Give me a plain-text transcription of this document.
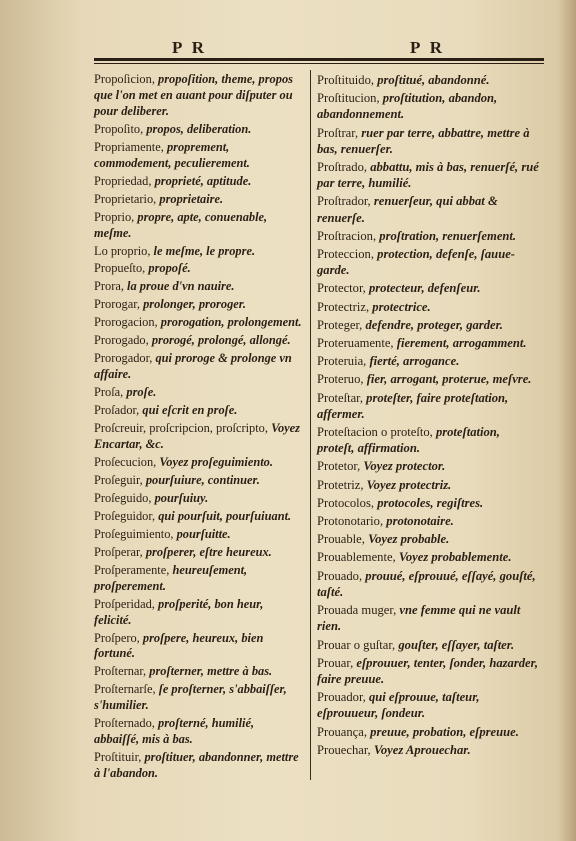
P R	P R
Propoſicion, propoſition, theme, propos que l'on met en auant pour diſputer ou pour deliberer.
Propoſito, propos, deliberation.
Propriamente, proprement, commodement, peculierement.
Propriedad, proprieté, aptitude.
Proprietario, proprietaire.
Proprio, propre, apte, conuenable, meſme.
Lo proprio, le meſme, le propre.
Propueſto, propoſé.
Prora, la proue d'vn nauire.
Prorogar, prolonger, proroger.
Prorogacion, prorogation, prolongement.
Prorogado, prorogé, prolongé, allongé.
Prorogador, qui proroge & prolonge vn affaire.
Proſa, proſe.
Proſador, qui eſcrit en proſe.
Proſcreuir, proſcripcion, proſcripto, Voyez Encartar, &c.
Proſecucion, Voyez proſeguimiento.
Proſeguir, pourſuiure, continuer.
Proſeguido, pourſuiuy.
Proſeguidor, qui pourſuit, pourſuiuant.
Proſeguimiento, pourſuitte.
Proſperar, proſperer, eſtre heureux.
Proſperamente, heureuſement, proſperement.
Proſperidad, proſperité, bon heur, felicité.
Proſpero, proſpere, heureux, bien fortuné.
Proſternar, proſterner, mettre à bas.
Proſternarſe, ſe proſterner, s'abbaiſſer, s'humilier.
Proſternado, proſterné, humilié, abbaiſſé, mis à bas.
Proſtituir, proſtituer, abandonner, mettre à l'abandon.
Proſtituido, proſtitué, abandonné.
Proſtitucion, proſtitution, abandon, abandonnement.
Proſtrar, ruer par terre, abbattre, mettre à bas, renuerſer.
Proſtrado, abbattu, mis à bas, renuerſé, rué par terre, humilié.
Proſtrador, renuerſeur, qui abbat & renuerſe.
Proſtracion, proſtration, renuerſement.
Proteccion, protection, defenſe, ſauue-garde.
Protector, protecteur, defenſeur.
Protectriz, protectrice.
Proteger, defendre, proteger, garder.
Proteruamente, fierement, arrogamment.
Proteruia, fierté, arrogance.
Proteruo, fier, arrogant, proterue, meſvre.
Proteſtar, proteſter, faire proteſtation, affermer.
Proteſtacion o proteſto, proteſtation, proteſt, affirmation.
Protetor, Voyez protector.
Protetriz, Voyez protectriz.
Protocolos, protocoles, regiſtres.
Protonotario, protonotaire.
Prouable, Voyez probable.
Prouablemente, Voyez probablemente.
Prouado, prouué, eſprouué, eſſayé, gouſté, taſté.
Prouada muger, vne femme qui ne vault rien.
Prouar o guſtar, gouſter, eſſayer, taſter.
Prouar, eſprouuer, tenter, ſonder, hazarder, faire preuue.
Prouador, qui eſprouue, taſteur, eſprouueur, ſondeur.
Prouança, preuue, probation, eſpreuue.
Prouechar, Voyez Aprouechar.
